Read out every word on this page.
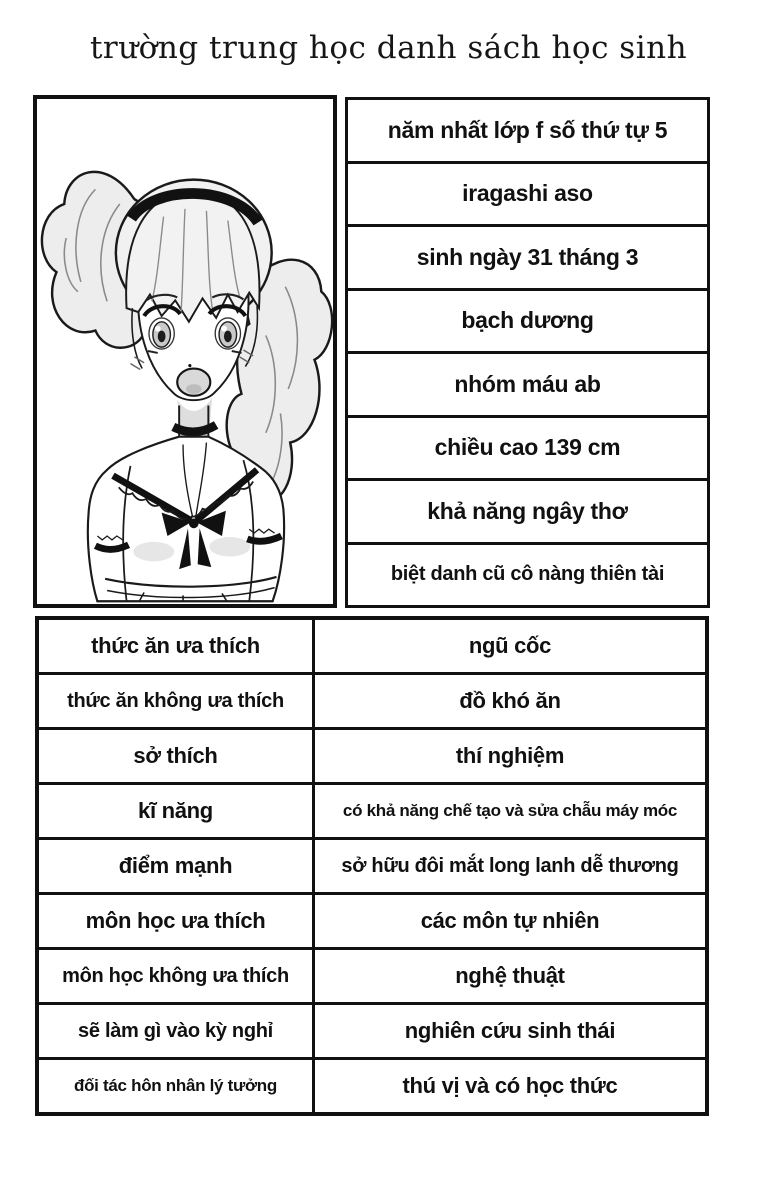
trường trung học danh sách học sinh
năm nhất lớp f số thứ tự 5
iragashi aso
sinh ngày 31 tháng 3
bạch dương
nhóm máu ab
chiều cao 139 cm
khả năng ngây thơ
biệt danh cũ cô nàng thiên tài
thức ăn ưa thích	ngũ cốc
thức ăn không ưa thích	đồ khó ăn
sở thích	thí nghiệm
kĩ năng	có khả năng chế tạo và sửa chẫu máy móc
điểm mạnh	sở hữu đôi mắt long lanh dễ thương
môn học ưa thích	các môn tự nhiên
môn học không ưa thích	nghệ thuật
sẽ làm gì vào kỳ nghỉ	nghiên cứu sinh thái
đối tác hôn nhân lý tưởng	thú vị và có học thức
